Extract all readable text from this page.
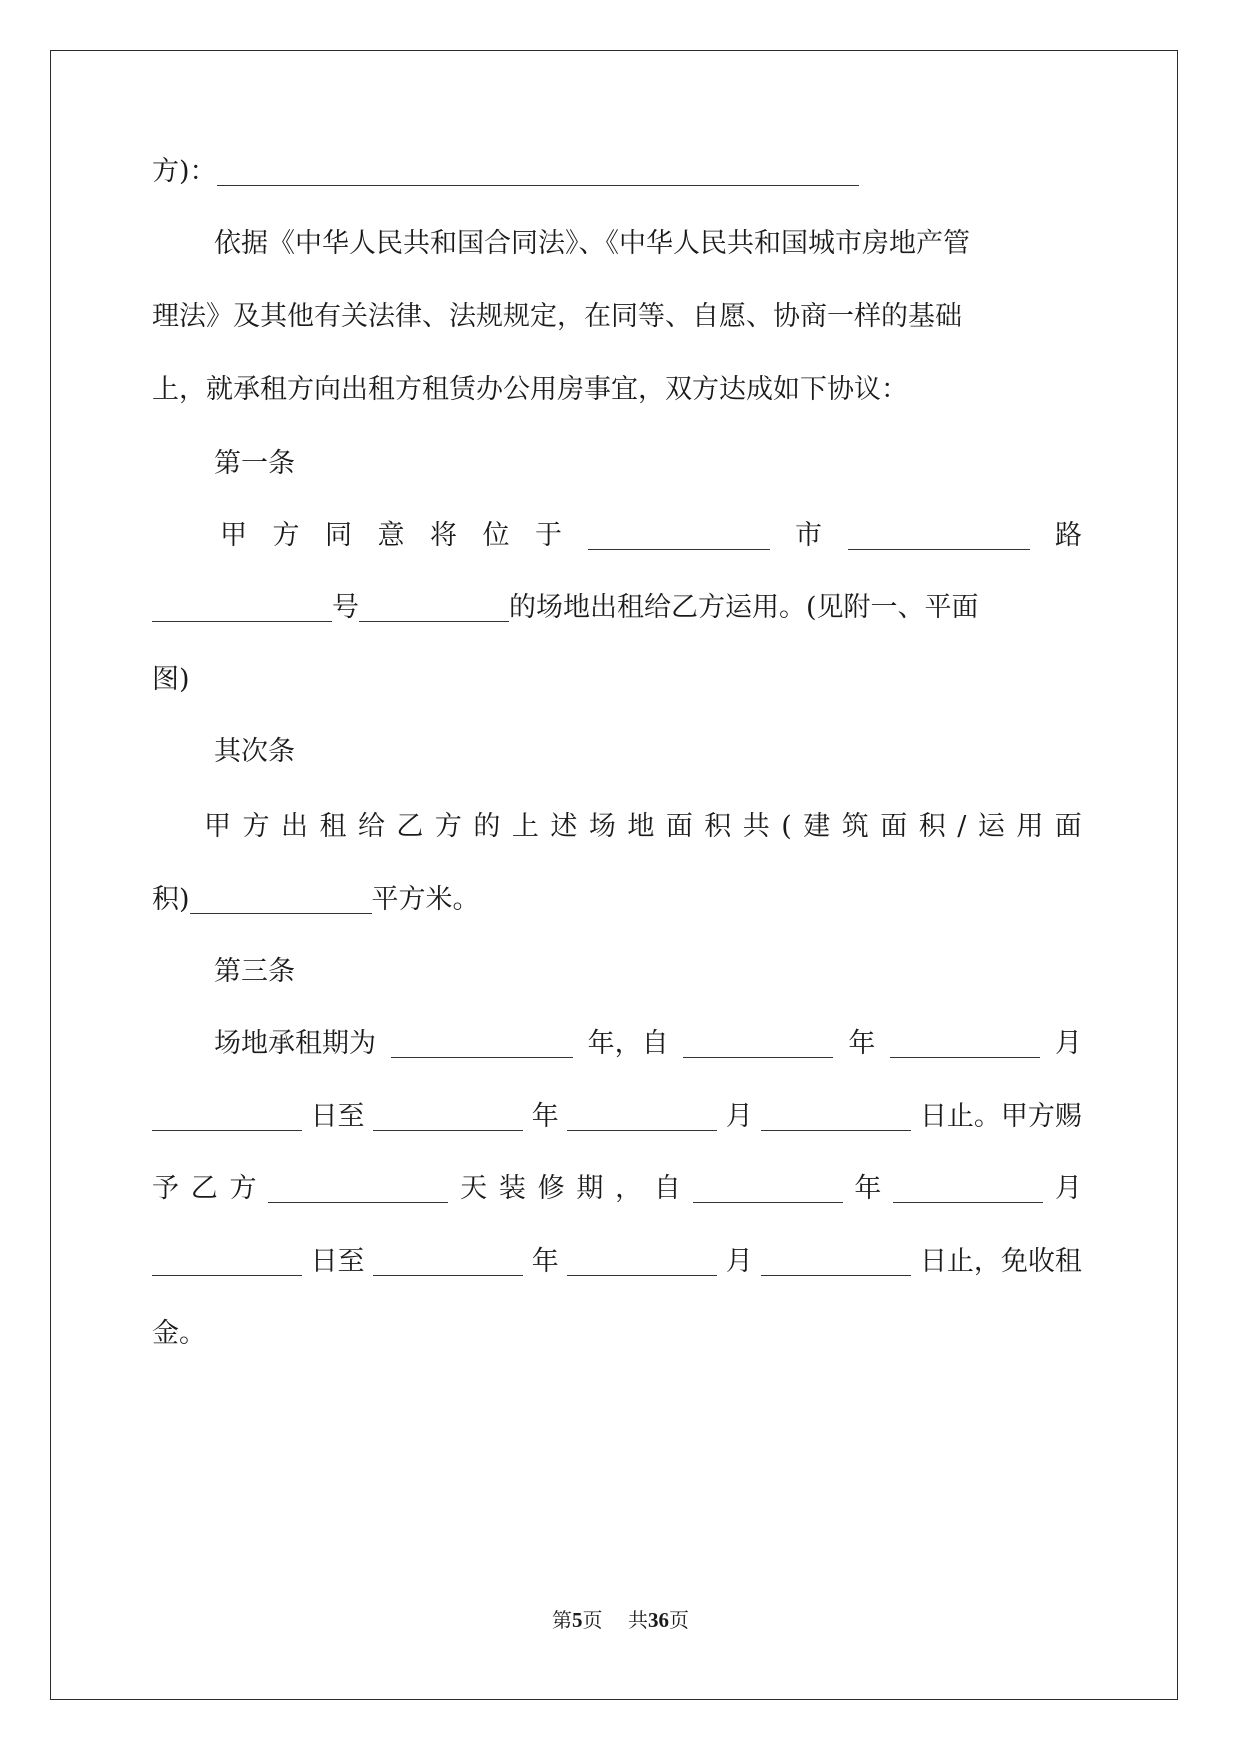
方)：
依据《中华人民共和国合同法》、《中华人民共和国城市房地产管
理法》及其他有关法律、法规规定，在同等、自愿、协商一样的基础
上，就承租方向出租方租赁办公用房事宜，双方达成如下协议：
第一条
甲 方 同 意 将 位 于	市	路
号	的场地出租给乙方运用。(见附一、平面
图)
其次条
甲 方 出 租 给 乙 方 的 上 述 场 地 面 积 共 ( 建 筑 面 积 / 运 用 面
积)	平方米。
第三条
场地承租期为	年，自	年	月
日至	年	月	日止。甲方赐
予 乙 方	天 装 修 期 ， 自	年	月
日至	年	月	日止，免收租
金。
第5页 共36页
